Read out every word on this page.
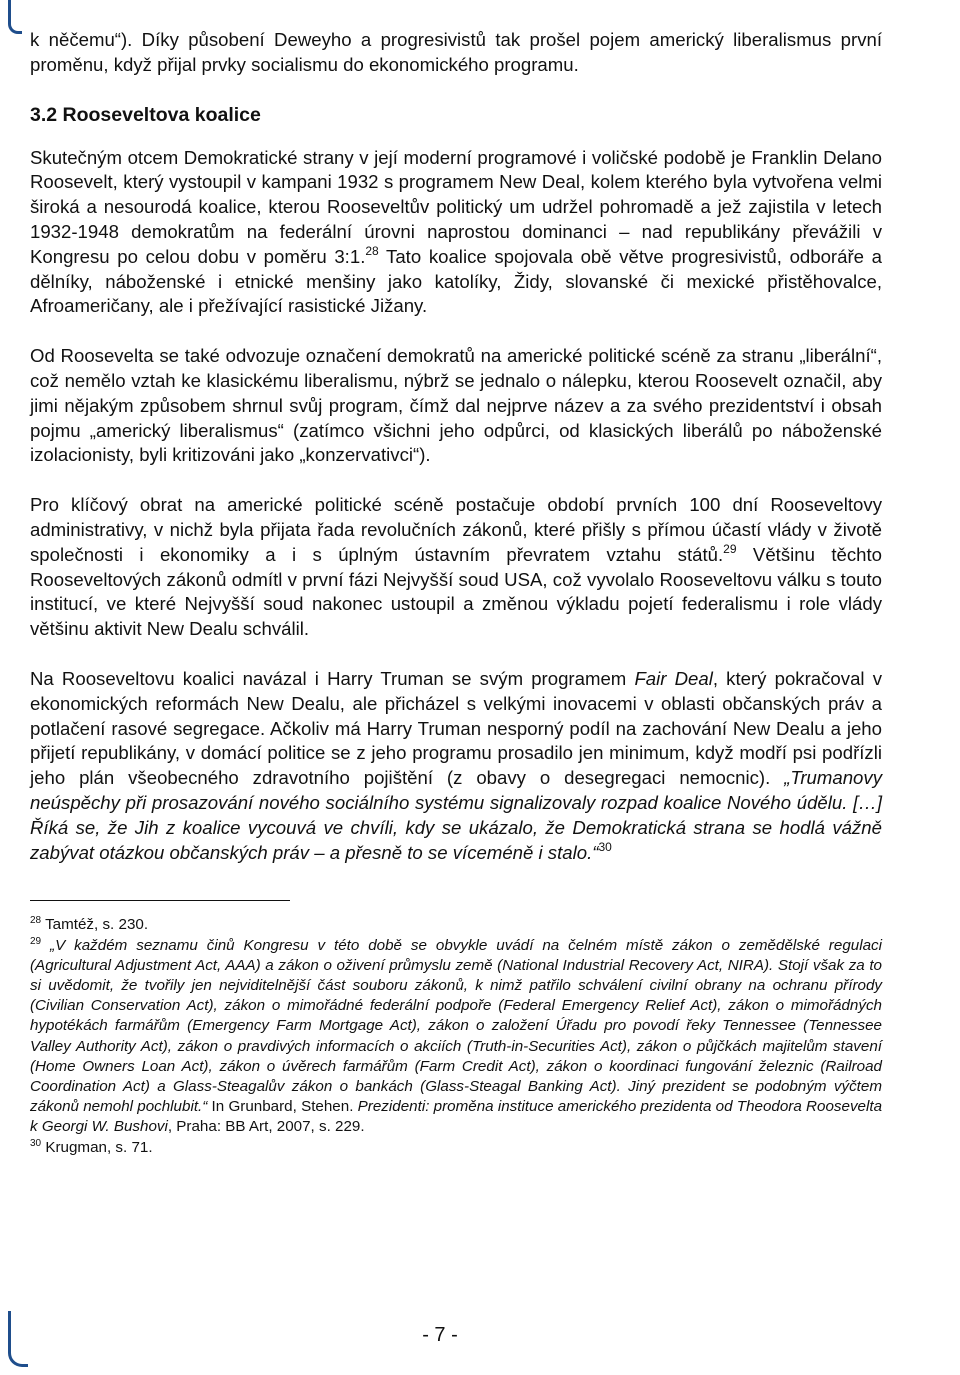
k něčemu“). Díky působení Deweyho a progresivistů tak prošel pojem americký liberalismus první proměnu, když přijal prvky socialismu do ekonomického programu.

3.2 Rooseveltova koalice

Skutečným otcem Demokratické strany v její moderní programové i voličské podobě je Franklin Delano Roosevelt, který vystoupil v kampani 1932 s programem New Deal, kolem kterého byla vytvořena velmi široká a nesourodá koalice, kterou Rooseveltův politický um udržel pohromadě a jež zajistila v letech 1932-1948 demokratům na federální úrovni naprostou dominanci – nad republikány převážili v Kongresu po celou dobu v poměru 3:1.28 Tato koalice spojovala obě větve progresivistů, odboráře a dělníky, náboženské i etnické menšiny jako katolíky, Židy, slovanské či mexické přistěhovalce, Afroameričany, ale i přežívající rasistické Jižany.

Od Roosevelta se také odvozuje označení demokratů na americké politické scéně za stranu „liberální“, což nemělo vztah ke klasickému liberalismu, nýbrž se jednalo o nálepku, kterou Roosevelt označil, aby jimi nějakým způsobem shrnul svůj program, čímž dal nejprve název a za svého prezidentství i obsah pojmu „americký liberalismus“ (zatímco všichni jeho odpůrci, od klasických liberálů po náboženské izolacionisty, byli kritizováni jako „konzervativci“).

Pro klíčový obrat na americké politické scéně postačuje období prvních 100 dní Rooseveltovy administrativy, v nichž byla přijata řada revolučních zákonů, které přišly s přímou účastí vlády v životě společnosti i ekonomiky a i s úplným ústavním převratem vztahu států.$^{29}$ Většinu těchto Rooseveltových zákonů odmítl v první fázi Nejvyšší soud USA, což vyvolalo Rooseveltovu válku s touto institucí, ve které Nejvyšší soud nakonec ustoupil a změnou výkladu pojetí federalismu i role vlády většinu aktivit New Dealu schválil.

Na Rooseveltovu koalici navázal i Harry Truman se svým programem Fair Deal, který pokračoval v ekonomických reformách New Dealu, ale přicházel s velkými inovacemi v oblasti občanských práv a potlačení rasové segregace. Ačkoliv má Harry Truman nesporný podíl na zachování New Dealu a jeho přijetí republikány, v domácí politice se z jeho programu prosadilo jen minimum, když modří psi podřízli jeho plán všeobecného zdravotního pojištění (z obavy o desegregaci nemocnic). „Trumanovy neúspěchy při prosazování nového sociálního systému signalizovaly rozpad koalice Nového údělu. […] Říká se, že Jih z koalice vycouvá ve chvíli, kdy se ukázalo, že Demokratická strana se hodlá vážně zabývat otázkou občanských práv – a přesně to se víceméně i stalo.“$^{30}$

$^{28}$ Tamtéž, s. 230.

$^{29}$ „V každém seznamu činů Kongresu v této době se obvykle uvádí na čelném místě zákon o zemědělské regulaci (Agricultural Adjustment Act, AAA) a zákon o oživení průmyslu země (National Industrial Recovery Act, NIRA). Stojí však za to si uvědomit, že tvořily jen nejviditelnější část souboru zákonů, k nimž patřilo schválení civilní obrany na ochranu přírody (Civilian Conservation Act), zákon o mimořádné federální podpoře (Federal Emergency Relief Act), zákon o mimořádných hypotékách farmářům (Emergency Farm Mortgage Act), zákon o založení Úřadu pro povodí řeky Tennessee (Tennessee Valley Authority Act), zákon o pravdivých informacích o akciích (Truth-in-Securities Act), zákon o půjčkách majitelům stavení (Home Owners Loan Act), zákon o úvěrech farmářům (Farm Credit Act), zákon o koordinaci fungování železnic (Railroad Coordination Act) a Glass-Steagalův zákon o bankách (Glass-Steagal Banking Act). Jiný prezident se podobným výčtem zákonů nemohl pochlubit.“ In Grunbard, Stehen. Prezidenti: proměna instituce amerického prezidenta od Theodora Roosevelta k Georgi W. Bushovi, Praha: BB Art, 2007, s. 229.

$^{30}$ Krugman, s. 71.

- 7 -
